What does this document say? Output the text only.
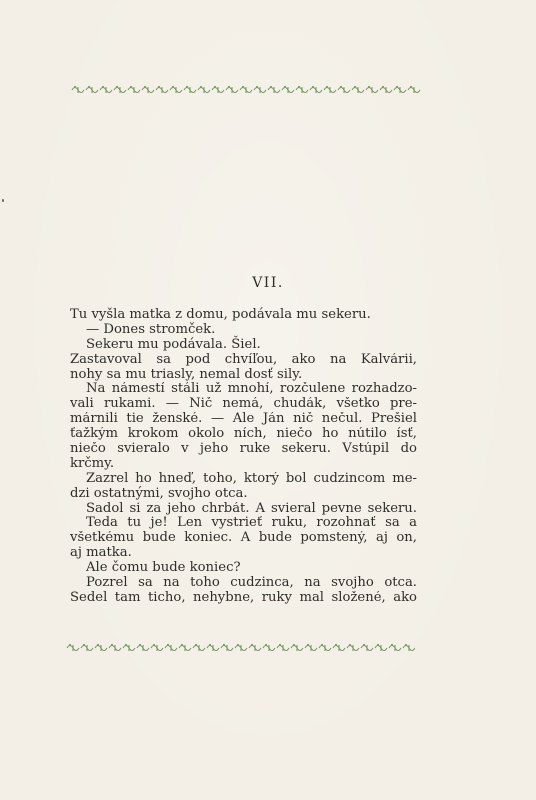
VII.
Tu vyšla matka z domu, podávala mu sekeru.
— Dones stromček.
Sekeru mu podávala. Šiel.
Zastavoval sa pod chvíľou, ako na Kalvárii,
nohy sa mu triasly, nemal dosť sily.
Na námestí stáli už mnohí, rozčulene rozhadzo-
vali rukami. — Nič nemá, chudák, všetko pre-
márnili tie ženské. — Ale Ján nič nečul. Prešiel
ťažkým krokom okolo ních, niečo ho nútilo ísť,
niečo svieralo v jeho ruke sekeru. Vstúpil do
krčmy.
Zazrel ho hneď, toho, ktorý bol cudzincom me-
dzi ostatnými, svojho otca.
Sadol si za jeho chrbát. A svieral pevne sekeru.
Teda tu je! Len vystrieť ruku, rozohnať sa a
všetkému bude koniec. A bude pomstený, aj on,
aj matka.
Ale čomu bude koniec?
Pozrel sa na toho cudzinca, na svojho otca.
Sedel tam ticho, nehybne, ruky mal složené, ako
